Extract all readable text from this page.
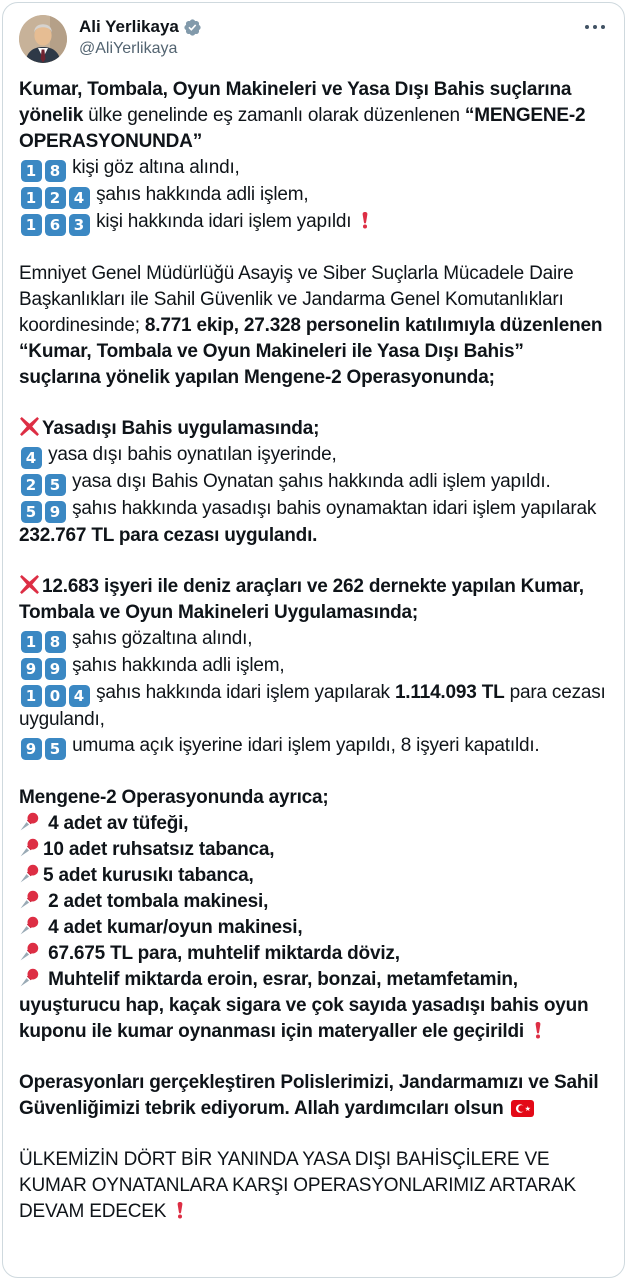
Ali Yerlikaya
@AliYerlikaya

Kumar, Tombala, Oyun Makineleri ve Yasa Dışı Bahis suçlarına yönelik ülke genelinde eş zamanlı olarak düzenlenen “MENGENE-2 OPERASYONUNDA”
1 8 kişi göz altına alındı,
1 2 4 şahıs hakkında adli işlem,
1 6 3 kişi hakkında idari işlem yapıldı

Emniyet Genel Müdürlüğü Asayiş ve Siber Suçlarla Mücadele Daire Başkanlıkları ile Sahil Güvenlik ve Jandarma Genel Komutanlıkları koordinesinde; 8.771 ekip, 27.328 personelin katılımıyla düzenlenen “Kumar, Tombala ve Oyun Makineleri ile Yasa Dışı Bahis” suçlarına yönelik yapılan Mengene-2 Operasyonunda;

Yasadışı Bahis uygulamasında;
4 yasa dışı bahis oynatılan işyerinde,
2 5 yasa dışı Bahis Oynatan şahıs hakkında adli işlem yapıldı.
5 9 şahıs hakkında yasadışı bahis oynamaktan idari işlem yapılarak 232.767 TL para cezası uygulandı.

12.683 işyeri ile deniz araçları ve 262 dernekte yapılan Kumar, Tombala ve Oyun Makineleri Uygulamasında;
1 8 şahıs gözaltına alındı,
9 9 şahıs hakkında adli işlem,
1 0 4 şahıs hakkında idari işlem yapılarak 1.114.093 TL para cezası uygulandı,
9 5 umuma açık işyerine idari işlem yapıldı, 8 işyeri kapatıldı.

Mengene-2 Operasyonunda ayrıca;

4 adet av tüfeği,

10 adet ruhsatsız tabanca,

5 adet kurusıkı tabanca,

2 adet tombala makinesi,

4 adet kumar/oyun makinesi,

67.675 TL para, muhtelif miktarda döviz,

Muhtelif miktarda eroin, esrar, bonzai, metamfetamin, uyuşturucu hap, kaçak sigara ve çok sayıda yasadışı bahis oyun kuponu ile kumar oynanması için materyaller ele geçirildi

Operasyonları gerçekleştiren Polislerimizi, Jandarmamızı ve Sahil Güvenliğimizi tebrik ediyorum. Allah yardımcıları olsun ★

ÜLKEMİZİN DÖRT BİR YANINDA YASA DIŞI BAHİSÇİLERE VE KUMAR OYNATANLARA KARŞI OPERASYONLARIMIZ ARTARAK DEVAM EDECEK
